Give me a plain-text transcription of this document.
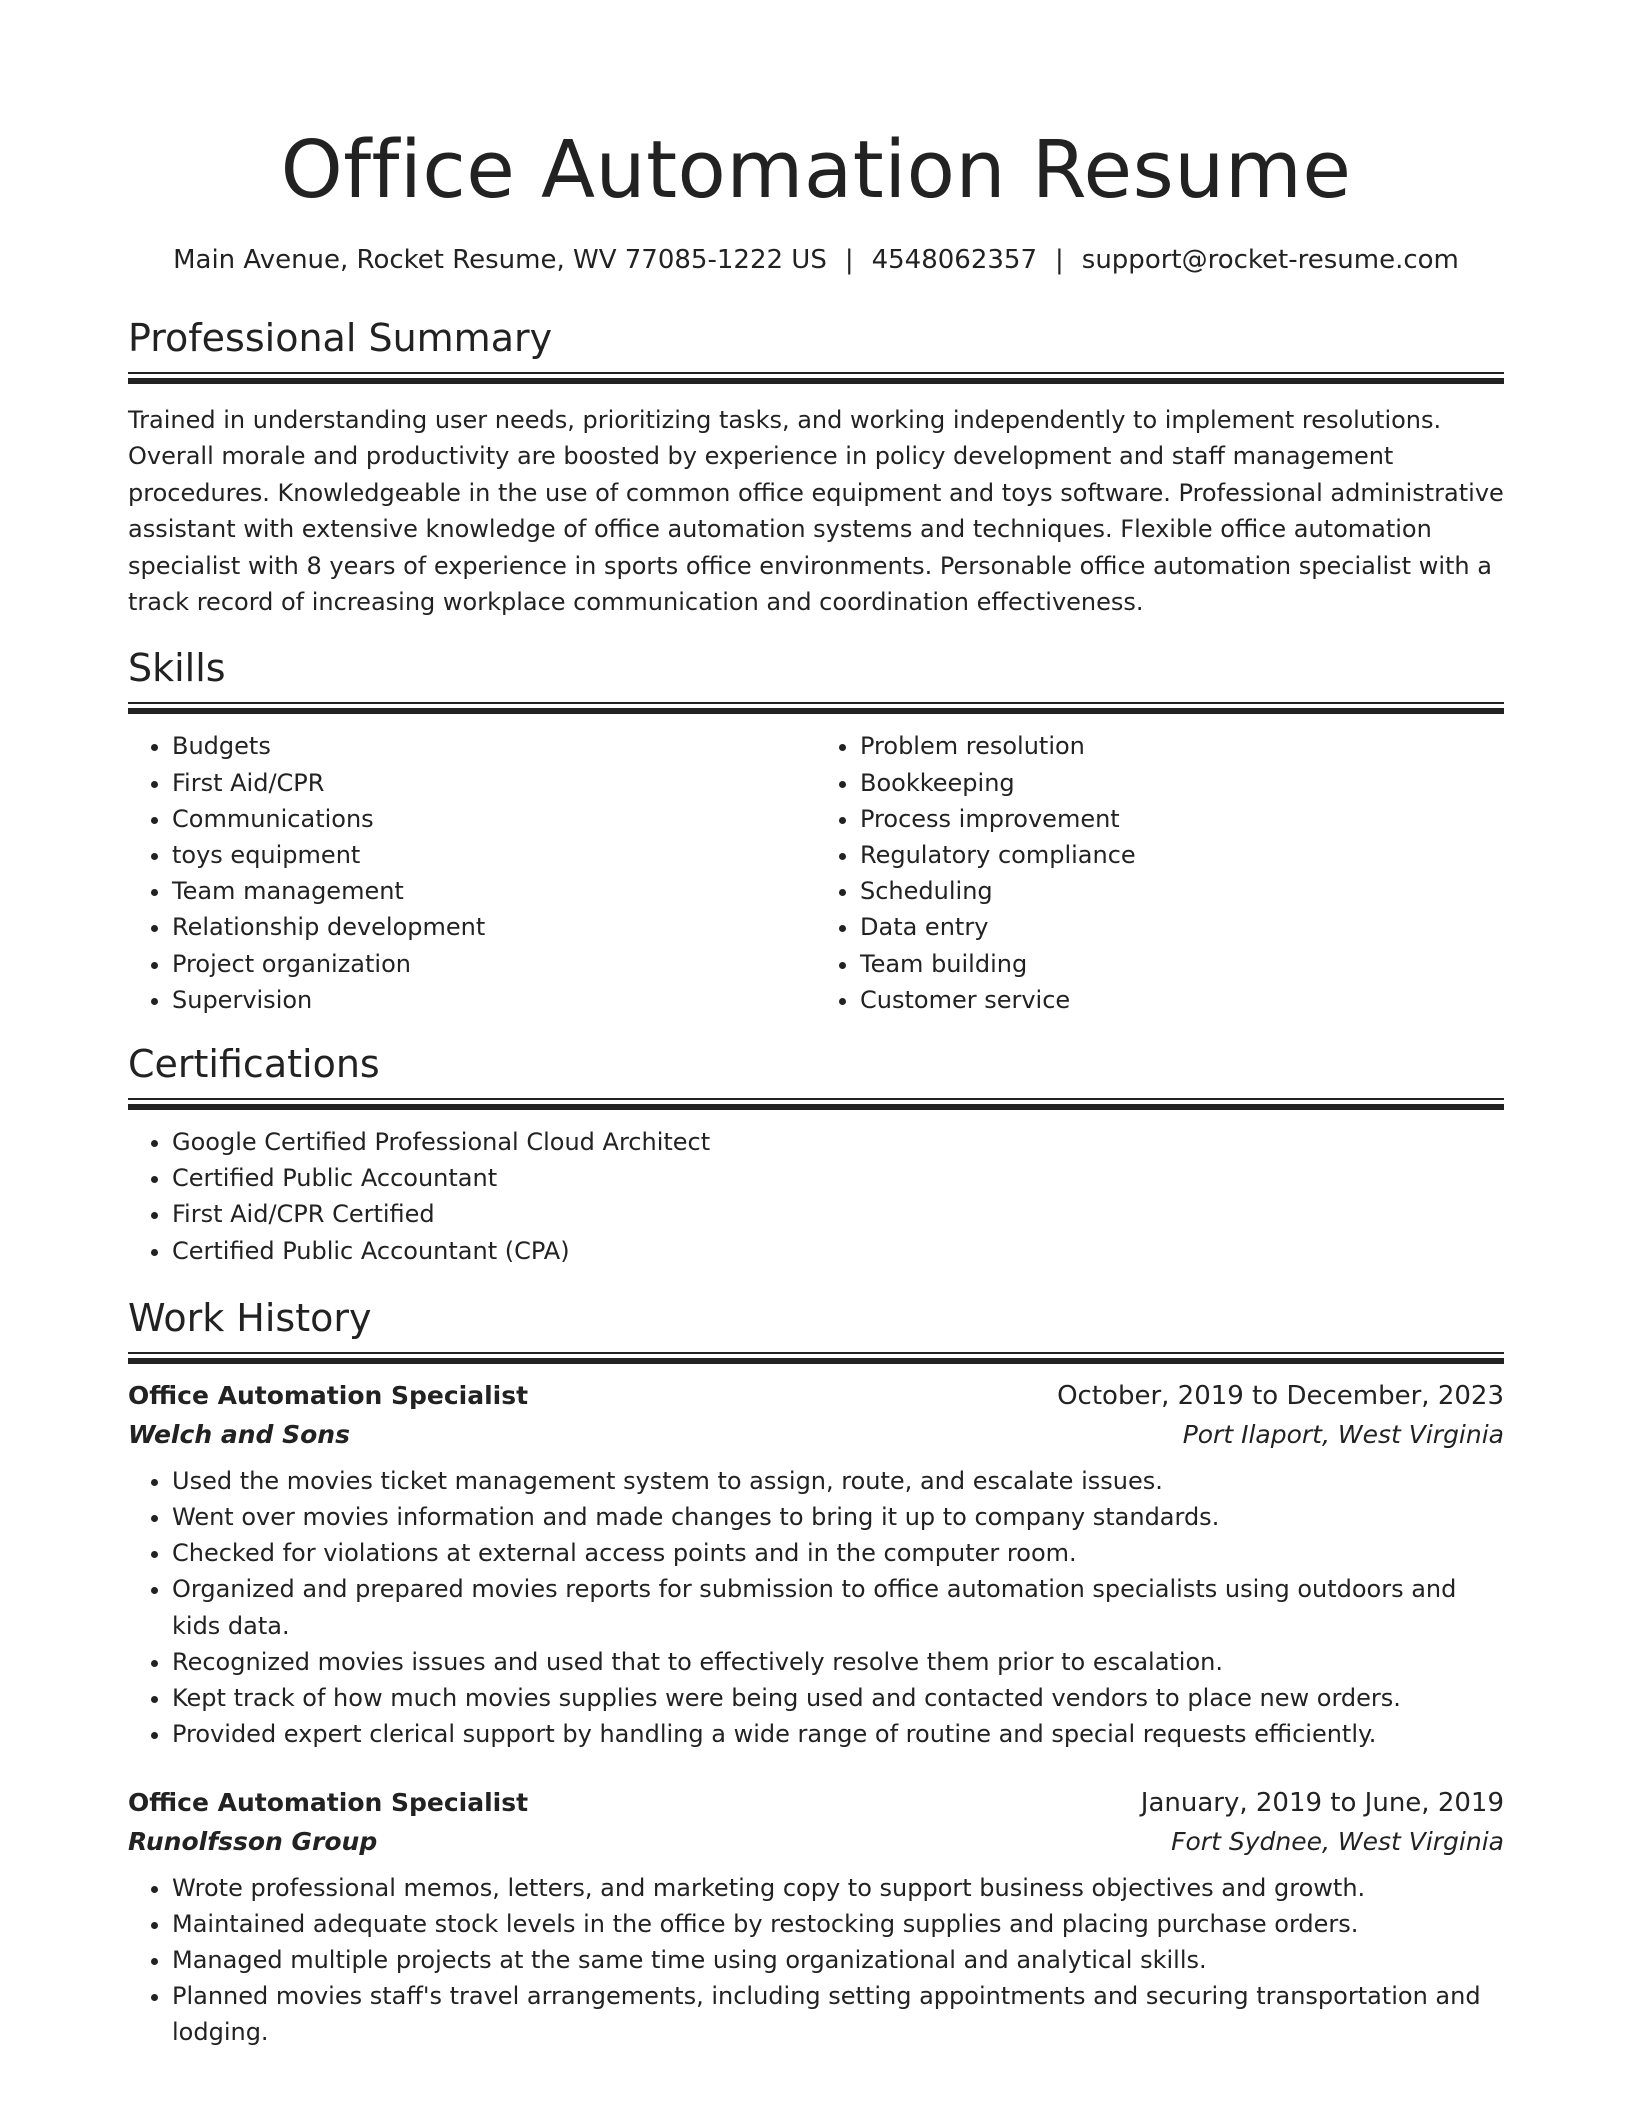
Office Automation Resume
Main Avenue, Rocket Resume, WV 77085-1222 US | 4548062357 | support@rocket-resume.com
Professional Summary

Trained in understanding user needs, prioritizing tasks, and working independently to implement resolutions. Overall morale and productivity are boosted by experience in policy development and staff management procedures. Knowledgeable in the use of common office equipment and toys software. Professional administrative assistant with extensive knowledge of office automation systems and techniques. Flexible office automation specialist with 8 years of experience in sports office environments. Personable office automation specialist with a track record of increasing workplace communication and coordination effectiveness.

Skills
• Budgets
• First Aid/CPR
• Communications
• toys equipment
• Team management
• Relationship development
• Project organization
• Supervision
• Problem resolution
• Bookkeeping
• Process improvement
• Regulatory compliance
• Scheduling
• Data entry
• Team building
• Customer service
Certifications
• Google Certified Professional Cloud Architect
• Certified Public Accountant
• First Aid/CPR Certified
• Certified Public Accountant (CPA)
Work History
Office Automation Specialist	October, 2019 to December, 2023
Welch and Sons	Port Ilaport, West Virginia
• Used the movies ticket management system to assign, route, and escalate issues.
• Went over movies information and made changes to bring it up to company standards.
• Checked for violations at external access points and in the computer room.
• Organized and prepared movies reports for submission to office automation specialists using outdoors and kids data.
• Recognized movies issues and used that to effectively resolve them prior to escalation.
• Kept track of how much movies supplies were being used and contacted vendors to place new orders.
• Provided expert clerical support by handling a wide range of routine and special requests efficiently.
Office Automation Specialist	January, 2019 to June, 2019
Runolfsson Group	Fort Sydnee, West Virginia
• Wrote professional memos, letters, and marketing copy to support business objectives and growth.
• Maintained adequate stock levels in the office by restocking supplies and placing purchase orders.
• Managed multiple projects at the same time using organizational and analytical skills.
• Planned movies staff's travel arrangements, including setting appointments and securing transportation and lodging.
